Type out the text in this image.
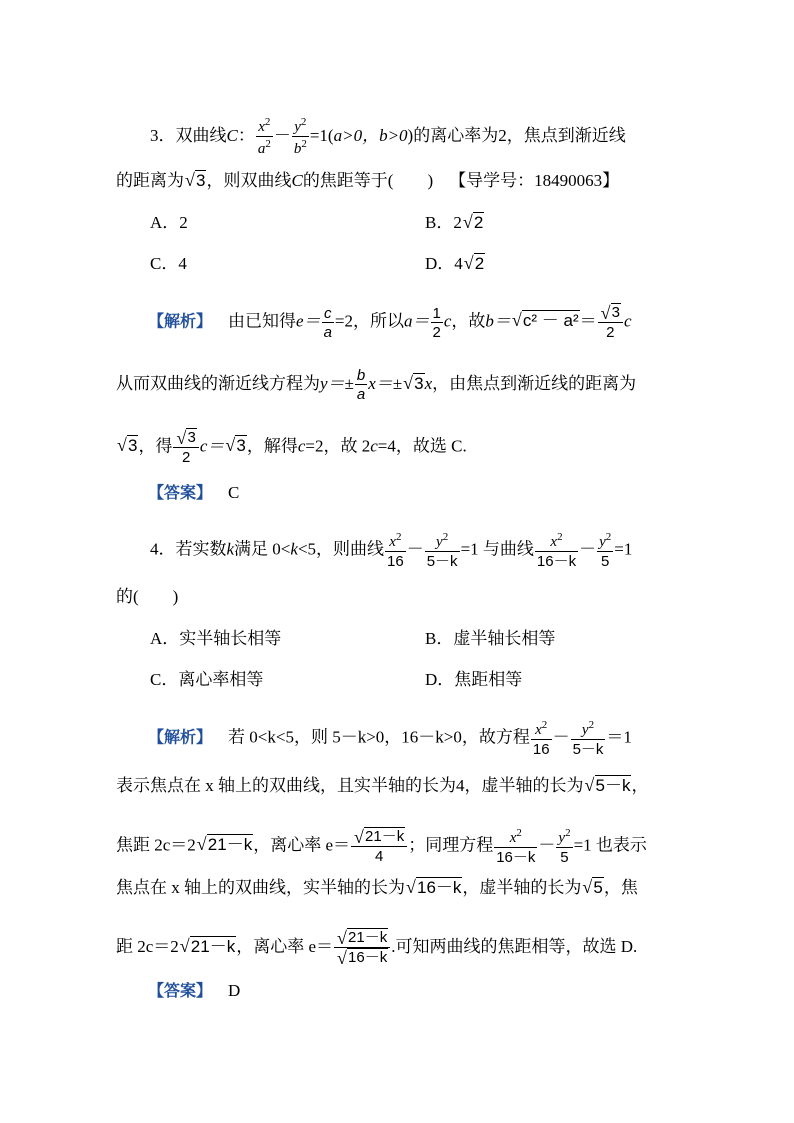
3．双曲线C： $\frac{x^2}{a^2} - \frac{y^2}{b^2} =1(a>0$，b>0)的离心率为2，焦点到渐近线
的距离为√ 3，则双曲线C的焦距等于(　　) 【导学号：18490063】
A．2	B．2√ 2
C．4	D．4√ 2
【解析】 由已知得$e= \frac{c}{a} =2$，所以$a= \frac{1}{2}$ c，故b＝√ c² － a²＝
√ $\frac{3}{2}$ c
从而双曲线的渐近线方程为$y=\pm \frac{b}{a} x=\pm√$ 3x，由焦点到渐近线的距离为
√ 3，得
√ $\frac{3}{2} c=√$ 3，解得c=2，故 2c=4，故选 C.
【答案】 C
4．若实数k满足 0<k<5，则曲线 $\frac{x^2}{16} - \frac{y^2}{5-k} =1$ 与曲线 $\frac{x^2}{16-k} - \frac{y^2}{5} =1$
的(　　)
A．实半轴长相等	B．虚半轴长相等
C．离心率相等	D．焦距相等
【解析】 若 0<k<5，则 5－k>0，16－k>0，故方程 $\frac{x^2}{16} - \frac{y^2}{5-k} =1$
表示焦点在 x 轴上的双曲线，且实半轴的长为4，虚半轴的长为√ 5－k，
焦距 2c＝2√ 21－k，离心率 e＝
√ $\frac{21-k}{4}$ ；同理方程 $\frac{x^2}{16-k} - \frac{y^2}{5} =1$ 也表示
焦点在 x 轴上的双曲线，实半轴的长为√ 16－k，虚半轴的长为√ 5，焦
距 2c＝2√ 21－k，离心率 e＝
√ 21－k
√ 16－k .可知两曲线的焦距相等，故选 D.
【答案】 D
